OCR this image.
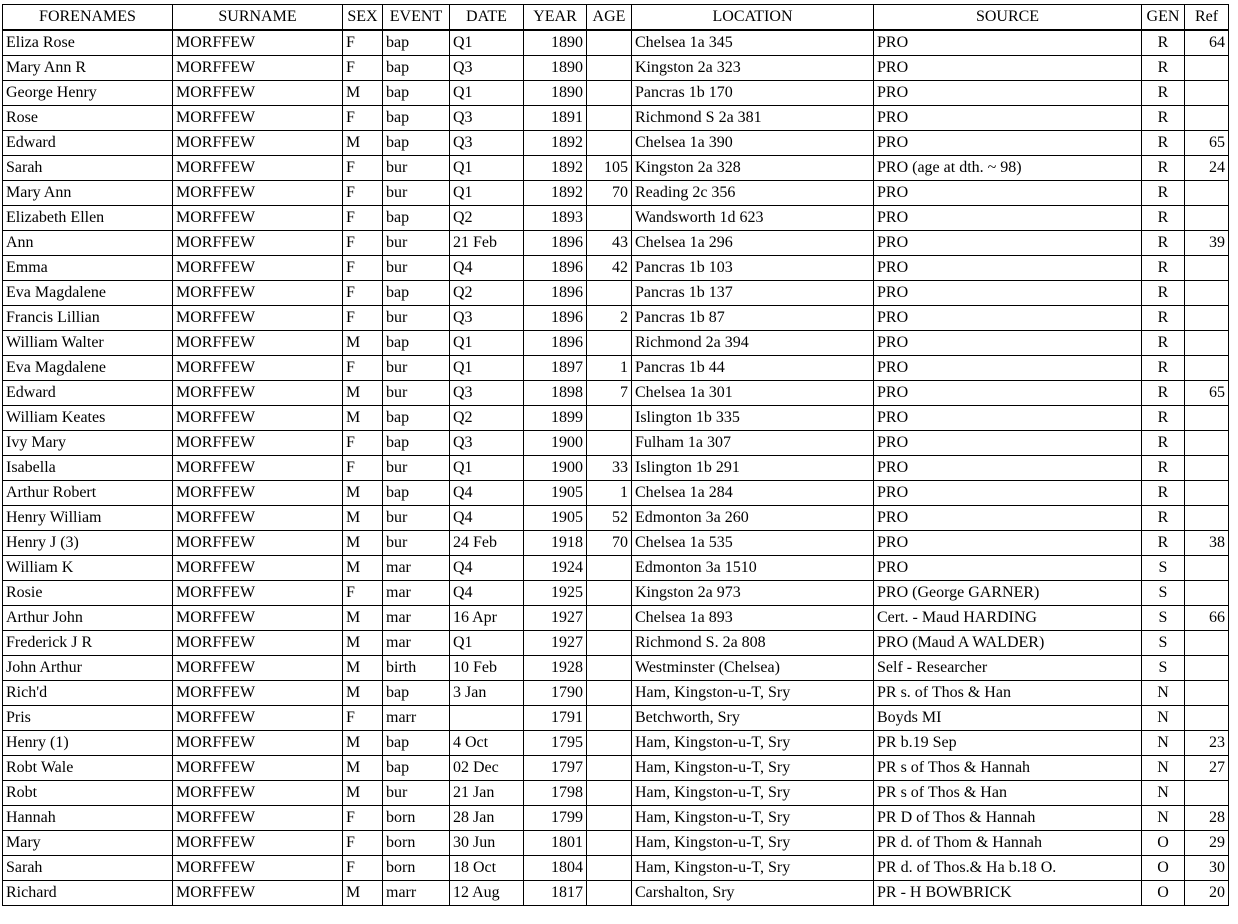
FORENAMES	SURNAME	SEX	EVENT	DATE	YEAR	AGE	LOCATION	SOURCE	GEN	Ref
Eliza Rose	MORFFEW	F	bap	Q1	1890		Chelsea 1a 345	PRO	R	64
Mary Ann R	MORFFEW	F	bap	Q3	1890		Kingston 2a 323	PRO	R	
George Henry	MORFFEW	M	bap	Q1	1890		Pancras 1b 170	PRO	R	
Rose	MORFFEW	F	bap	Q3	1891		Richmond S 2a 381	PRO	R	
Edward	MORFFEW	M	bap	Q3	1892		Chelsea 1a 390	PRO	R	65
Sarah	MORFFEW	F	bur	Q1	1892	105	Kingston 2a 328	PRO (age at dth. ~ 98)	R	24
Mary Ann	MORFFEW	F	bur	Q1	1892	70	Reading 2c 356	PRO	R	
Elizabeth Ellen	MORFFEW	F	bap	Q2	1893		Wandsworth 1d 623	PRO	R	
Ann	MORFFEW	F	bur	21 Feb	1896	43	Chelsea 1a 296	PRO	R	39
Emma	MORFFEW	F	bur	Q4	1896	42	Pancras 1b 103	PRO	R	
Eva Magdalene	MORFFEW	F	bap	Q2	1896		Pancras 1b 137	PRO	R	
Francis Lillian	MORFFEW	F	bur	Q3	1896	2	Pancras 1b 87	PRO	R	
William Walter	MORFFEW	M	bap	Q1	1896		Richmond 2a 394	PRO	R	
Eva Magdalene	MORFFEW	F	bur	Q1	1897	1	Pancras 1b 44	PRO	R	
Edward	MORFFEW	M	bur	Q3	1898	7	Chelsea 1a 301	PRO	R	65
William Keates	MORFFEW	M	bap	Q2	1899		Islington 1b 335	PRO	R	
Ivy Mary	MORFFEW	F	bap	Q3	1900		Fulham 1a 307	PRO	R	
Isabella	MORFFEW	F	bur	Q1	1900	33	Islington 1b 291	PRO	R	
Arthur Robert	MORFFEW	M	bap	Q4	1905	1	Chelsea 1a 284	PRO	R	
Henry William	MORFFEW	M	bur	Q4	1905	52	Edmonton 3a 260	PRO	R	
Henry J (3)	MORFFEW	M	bur	24 Feb	1918	70	Chelsea 1a 535	PRO	R	38
William K	MORFFEW	M	mar	Q4	1924		Edmonton 3a 1510	PRO	S	
Rosie	MORFFEW	F	mar	Q4	1925		Kingston 2a 973	PRO (George GARNER)	S	
Arthur John	MORFFEW	M	mar	16 Apr	1927		Chelsea 1a 893	Cert. - Maud HARDING	S	66
Frederick J R	MORFFEW	M	mar	Q1	1927		Richmond S. 2a 808	PRO (Maud A WALDER)	S	
John Arthur	MORFFEW	M	birth	10 Feb	1928		Westminster (Chelsea)	Self - Researcher	S	
Rich'd	MORFFEW	M	bap	3 Jan	1790		Ham, Kingston-u-T, Sry	PR s. of Thos & Han	N	
Pris	MORFFEW	F	marr		1791		Betchworth, Sry	Boyds MI	N	
Henry (1)	MORFFEW	M	bap	4 Oct	1795		Ham, Kingston-u-T, Sry	PR b.19 Sep	N	23
Robt Wale	MORFFEW	M	bap	02 Dec	1797		Ham, Kingston-u-T, Sry	PR s of Thos & Hannah	N	27
Robt	MORFFEW	M	bur	21 Jan	1798		Ham, Kingston-u-T, Sry	PR s of Thos & Han	N	
Hannah	MORFFEW	F	born	28 Jan	1799		Ham, Kingston-u-T, Sry	PR D of Thos & Hannah	N	28
Mary	MORFFEW	F	born	30 Jun	1801		Ham, Kingston-u-T, Sry	PR d. of Thom & Hannah	O	29
Sarah	MORFFEW	F	born	18 Oct	1804		Ham, Kingston-u-T, Sry	PR d. of Thos.& Ha b.18 O.	O	30
Richard	MORFFEW	M	marr	12 Aug	1817		Carshalton, Sry	PR - H BOWBRICK	O	20
